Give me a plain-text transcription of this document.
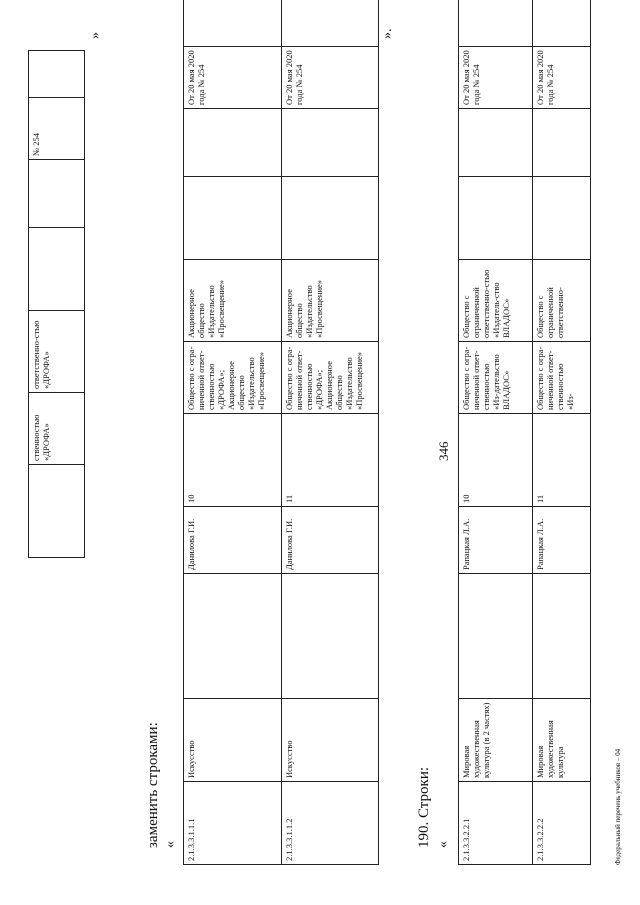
346
	ственностью «ДРОФА»	ответственно-стью «ДРОФА»			№ 254	
»
заменить строками: « 2.1.3.3.1.1.1	Искусство		Данилова Г.И.	10	Общество с огра-ниченной ответ-ственностью «ДРОФА»; Акционерное общество «Издательство «Просвещение»	Акционерное общество «Издательство «Просвещение»			От 20 мая 2020 года № 254	
2.1.3.3.1.1.2	Искусство		Данилова Г.И.	11	Общество с огра-ниченной ответ-ственностью «ДРОФА»; Акционерное общество «Издательство «Просвещение»	Акционерное общество «Издательство «Просвещение»			От 20 мая 2020 года № 254	
».
190. Строки: « 2.1.3.3.2.2.1	Мировая художественная культура (в 2 частях)		Рапацкая Л.А.	10	Общество с огра-ниченной ответ-ственностью «Из-дательство ВЛАДОС»	Общество с ограниченной ответственно-стью «Издатель-ство ВЛАДОС»			От 20 мая 2020 года № 254	
2.1.3.3.2.2.2	Мировая художественная культура		Рапацкая Л.А.	11	Общество с огра-ниченной ответ-ственностью «Из-	Общество с ограниченной ответственно-			От 20 мая 2020 года № 254	
Федеральный перечень учебников – 04
